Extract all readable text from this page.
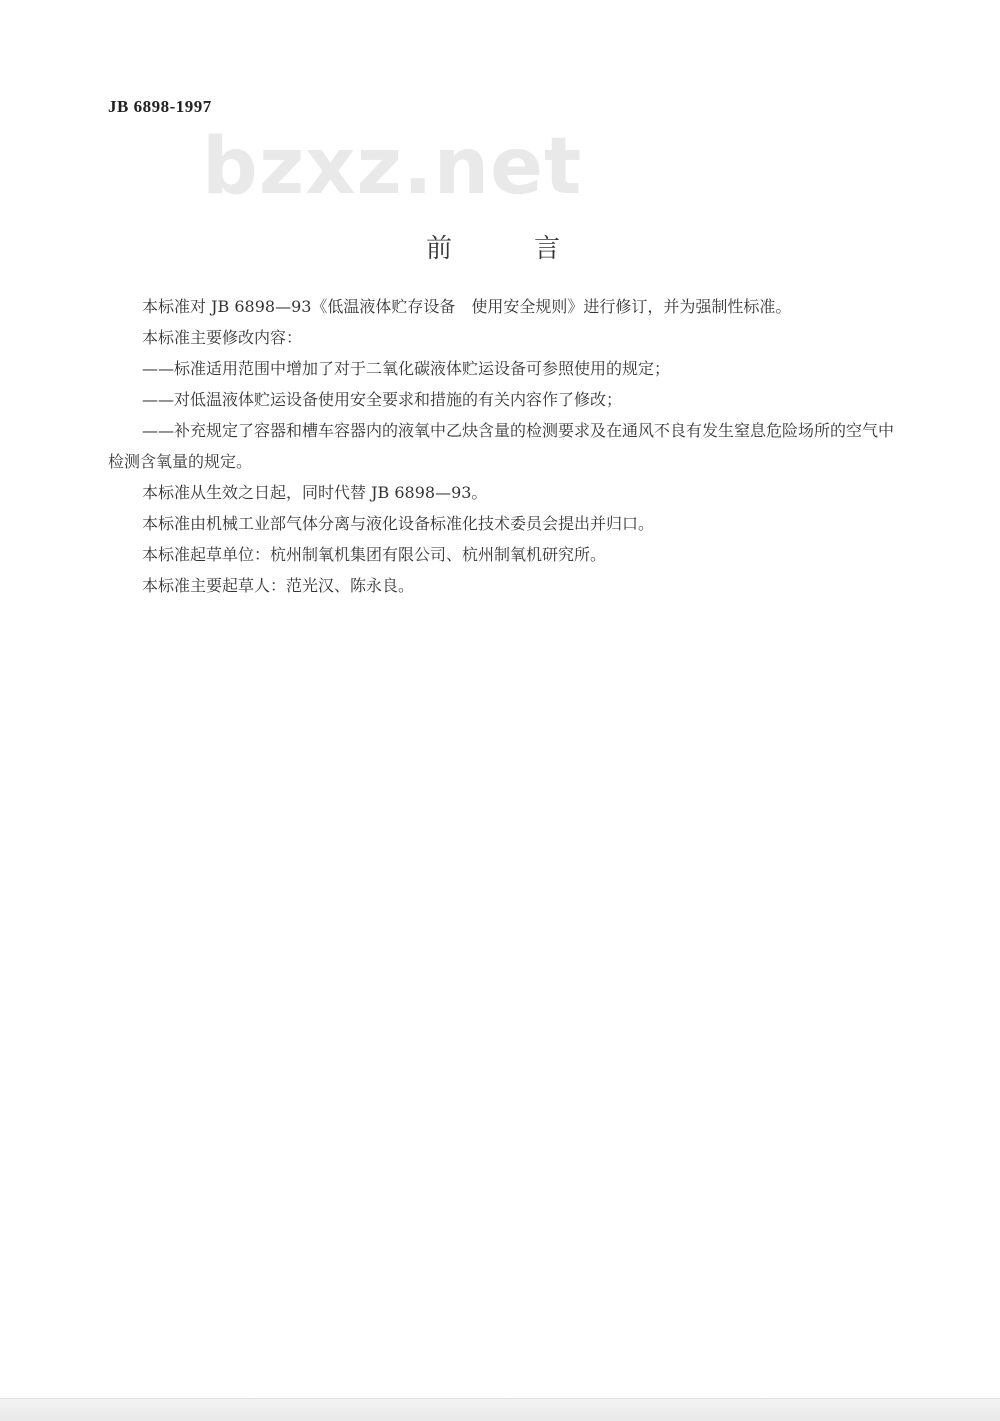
JB 6898-1997
bzxz.net
前　言

本标准对 JB 6898—93《低温液体贮存设备　使用安全规则》进行修订，并为强制性标准。

本标准主要修改内容：

——标准适用范围中增加了对于二氧化碳液体贮运设备可参照使用的规定；

——对低温液体贮运设备使用安全要求和措施的有关内容作了修改；

——补充规定了容器和槽车容器内的液氧中乙炔含量的检测要求及在通风不良有发生窒息危险场所的空气中检测含氧量的规定。

本标准从生效之日起，同时代替 JB 6898—93。

本标准由机械工业部气体分离与液化设备标准化技术委员会提出并归口。

本标准起草单位：杭州制氧机集团有限公司、杭州制氧机研究所。

本标准主要起草人：范光汉、陈永良。
